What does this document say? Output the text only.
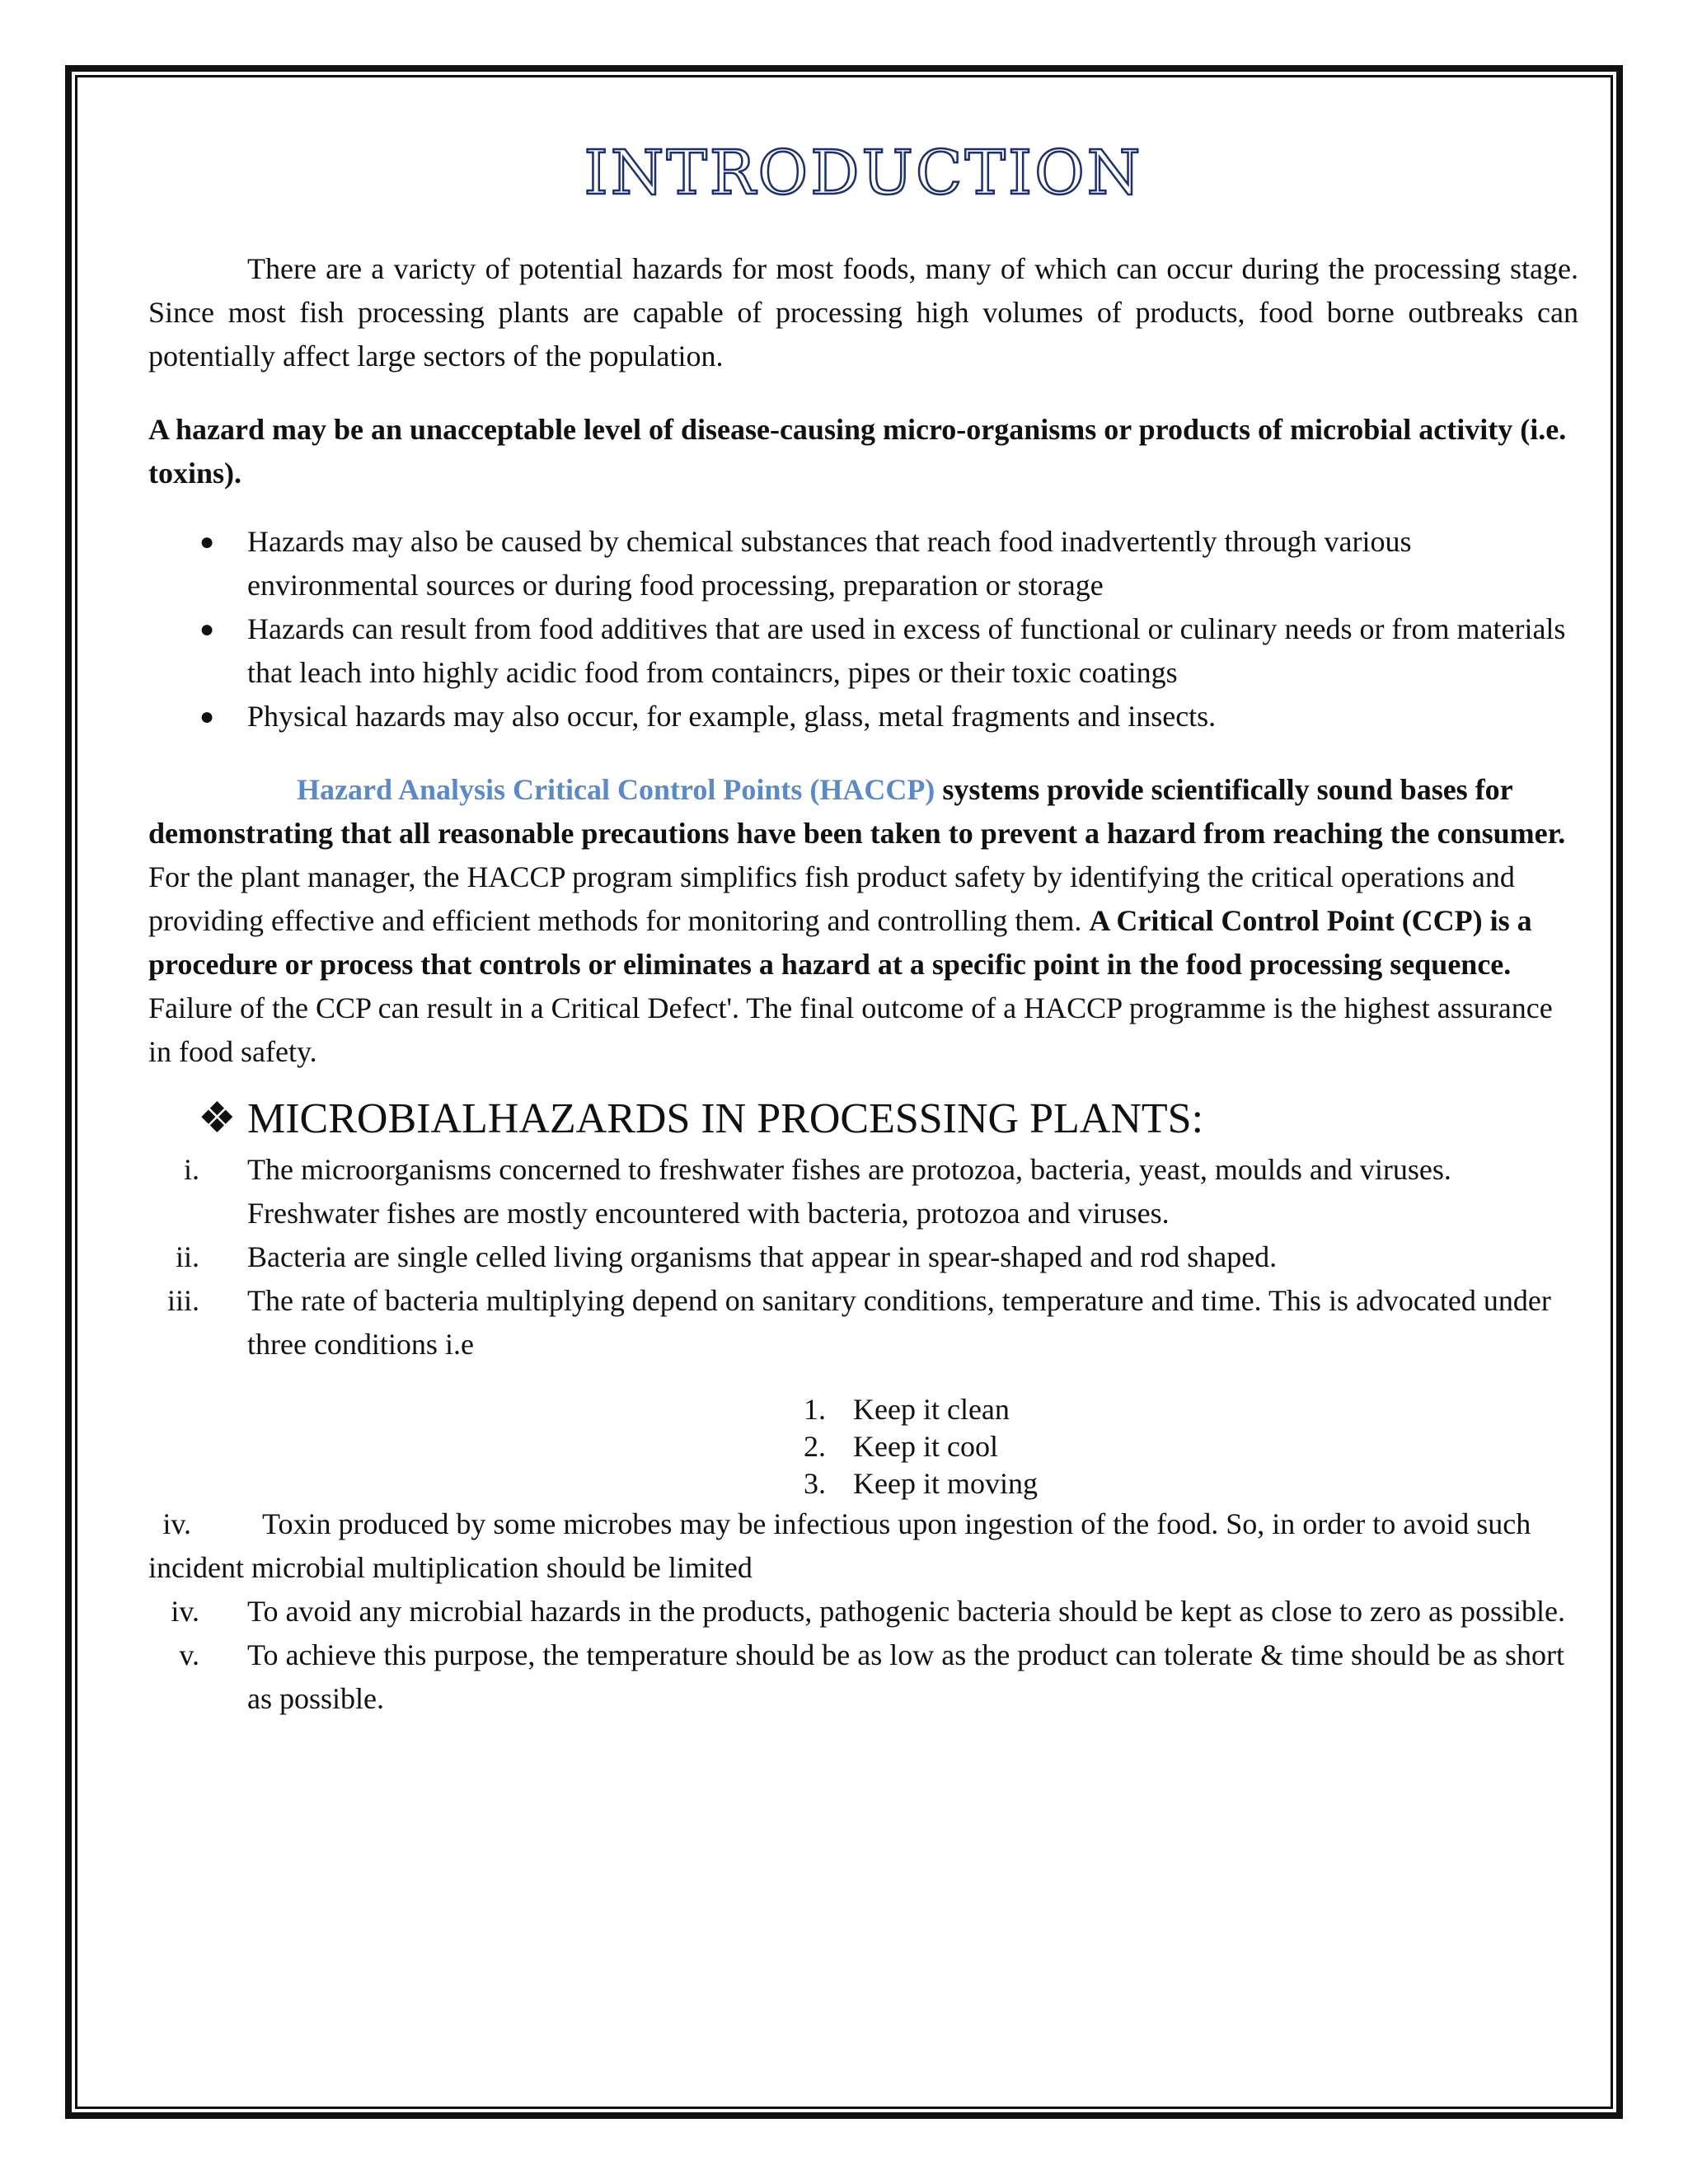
INTRODUCTION

There are a varicty of potential hazards for most foods, many of which can occur during the processing stage. Since most fish processing plants are capable of processing high volumes of products, food borne outbreaks can potentially affect large sectors of the population.

A hazard may be an unacceptable level of disease-causing micro-organisms or products of microbial activity (i.e. toxins).

● Hazards may also be caused by chemical substances that reach food inadvertently through various environmental sources or during food processing, preparation or storage
● Hazards can result from food additives that are used in excess of functional or culinary needs or from materials that leach into highly acidic food from containcrs, pipes or their toxic coatings
● Physical hazards may also occur, for example, glass, metal fragments and insects.

Hazard Analysis Critical Control Points (HACCP) systems provide scientifically sound bases for demonstrating that all reasonable precautions have been taken to prevent a hazard from reaching the consumer. For the plant manager, the HACCP program simplifics fish product safety by identifying the critical operations and providing effective and efficient methods for monitoring and controlling them. A Critical Control Point (CCP) is a procedure or process that controls or eliminates a hazard at a specific point in the food processing sequence. Failure of the CCP can result in a Critical Defect'. The final outcome of a HACCP programme is the highest assurance in food safety.

❖ MICROBIALHAZARDS IN PROCESSING PLANTS:
i. The microorganisms concerned to freshwater fishes are protozoa, bacteria, yeast, moulds and viruses. Freshwater fishes are mostly encountered with bacteria, protozoa and viruses.
ii. Bacteria are single celled living organisms that appear in spear-shaped and rod shaped.
iii. The rate of bacteria multiplying depend on sanitary conditions, temperature and time. This is advocated under three conditions i.e
1. Keep it clean
2. Keep it cool
3. Keep it moving

iv. Toxin produced by some microbes may be infectious upon ingestion of the food. So, in order to avoid such incident microbial multiplication should be limited

iv. To avoid any microbial hazards in the products, pathogenic bacteria should be kept as close to zero as possible.
v. To achieve this purpose, the temperature should be as low as the product can tolerate & time should be as short as possible.
